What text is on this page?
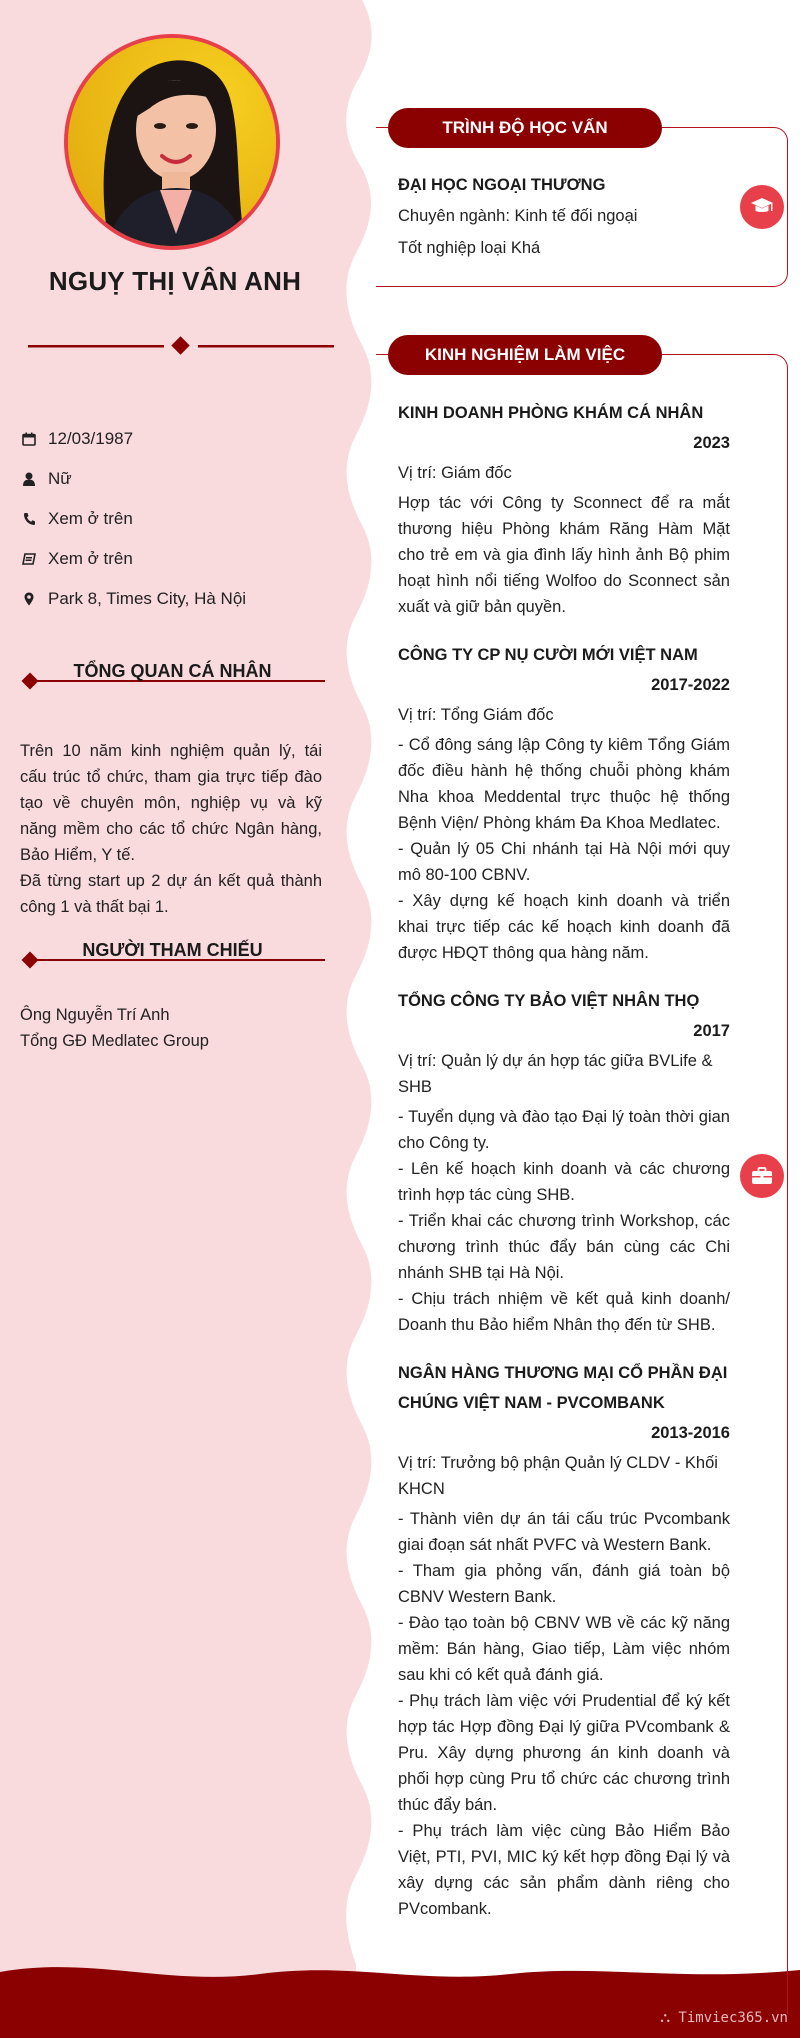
⛬ Timviec365.vn
NGUỴ THỊ VÂN ANH
12/03/1987
Nữ
Xem ở trên
Xem ở trên
Park 8, Times City, Hà Nội
TỔNG QUAN CÁ NHÂN
Trên 10 năm kinh nghiệm quản lý, tái cấu trúc tổ chức, tham gia trực tiếp đào tạo về chuyên môn, nghiệp vụ và kỹ năng mềm cho các tổ chức Ngân hàng, Bảo Hiểm, Y tế.
Đã từng start up 2 dự án kết quả thành công 1 và thất bại 1.
NGƯỜI THAM CHIẾU
Ông Nguyễn Trí Anh
Tổng GĐ Medlatec Group
TRÌNH ĐỘ HỌC VẤN
ĐẠI HỌC NGOẠI THƯƠNG
Chuyên ngành: Kinh tế đối ngoại
Tốt nghiệp loại Khá
KINH NGHIỆM LÀM VIỆC
KINH DOANH PHÒNG KHÁM CÁ NHÂN
2023
Vị trí: Giám đốc
Hợp tác với Công ty Sconnect để ra mắt thương hiệu Phòng khám Răng Hàm Mặt cho trẻ em và gia đình lấy hình ảnh Bộ phim hoạt hình nổi tiếng Wolfoo do Sconnect sản xuất và giữ bản quyền.
CÔNG TY CP NỤ CƯỜI MỚI VIỆT NAM
2017-2022
Vị trí: Tổng Giám đốc
- Cổ đông sáng lập Công ty kiêm Tổng Giám đốc điều hành hệ thống chuỗi phòng khám Nha khoa Meddental trực thuộc hệ thống Bệnh Viện/ Phòng khám Đa Khoa Medlatec.
- Quản lý 05 Chi nhánh tại Hà Nội mới quy mô 80-100 CBNV.
- Xây dựng kế hoạch kinh doanh và triển khai trực tiếp các kế hoạch kinh doanh đã được HĐQT thông qua hàng năm.
TỔNG CÔNG TY BẢO VIỆT NHÂN THỌ
2017
Vị trí: Quản lý dự án hợp tác giữa BVLife & SHB
- Tuyển dụng và đào tạo Đại lý toàn thời gian cho Công ty.
- Lên kế hoạch kinh doanh và các chương trình hợp tác cùng SHB.
- Triển khai các chương trình Workshop, các chương trình thúc đẩy bán cùng các Chi nhánh SHB tại Hà Nội.
- Chịu trách nhiệm về kết quả kinh doanh/ Doanh thu Bảo hiểm Nhân thọ đến từ SHB.
NGÂN HÀNG THƯƠNG MẠI CỔ PHẦN ĐẠI CHÚNG VIỆT NAM - PVCOMBANK
2013-2016
Vị trí: Trưởng bộ phận Quản lý CLDV - Khối KHCN
- Thành viên dự án tái cấu trúc Pvcombank giai đoạn sát nhất PVFC và Western Bank.
- Tham gia phỏng vấn, đánh giá toàn bộ CBNV Western Bank.
- Đào tạo toàn bộ CBNV WB về các kỹ năng mềm: Bán hàng, Giao tiếp, Làm việc nhóm sau khi có kết quả đánh giá.
- Phụ trách làm việc với Prudential để ký kết hợp tác Hợp đồng Đại lý giữa PVcombank & Pru. Xây dựng phương án kinh doanh và phối hợp cùng Pru tổ chức các chương trình thúc đẩy bán.
- Phụ trách làm việc cùng Bảo Hiểm Bảo Việt, PTI, PVI, MIC ký kết hợp đồng Đại lý và xây dựng các sản phẩm dành riêng cho PVcombank.
